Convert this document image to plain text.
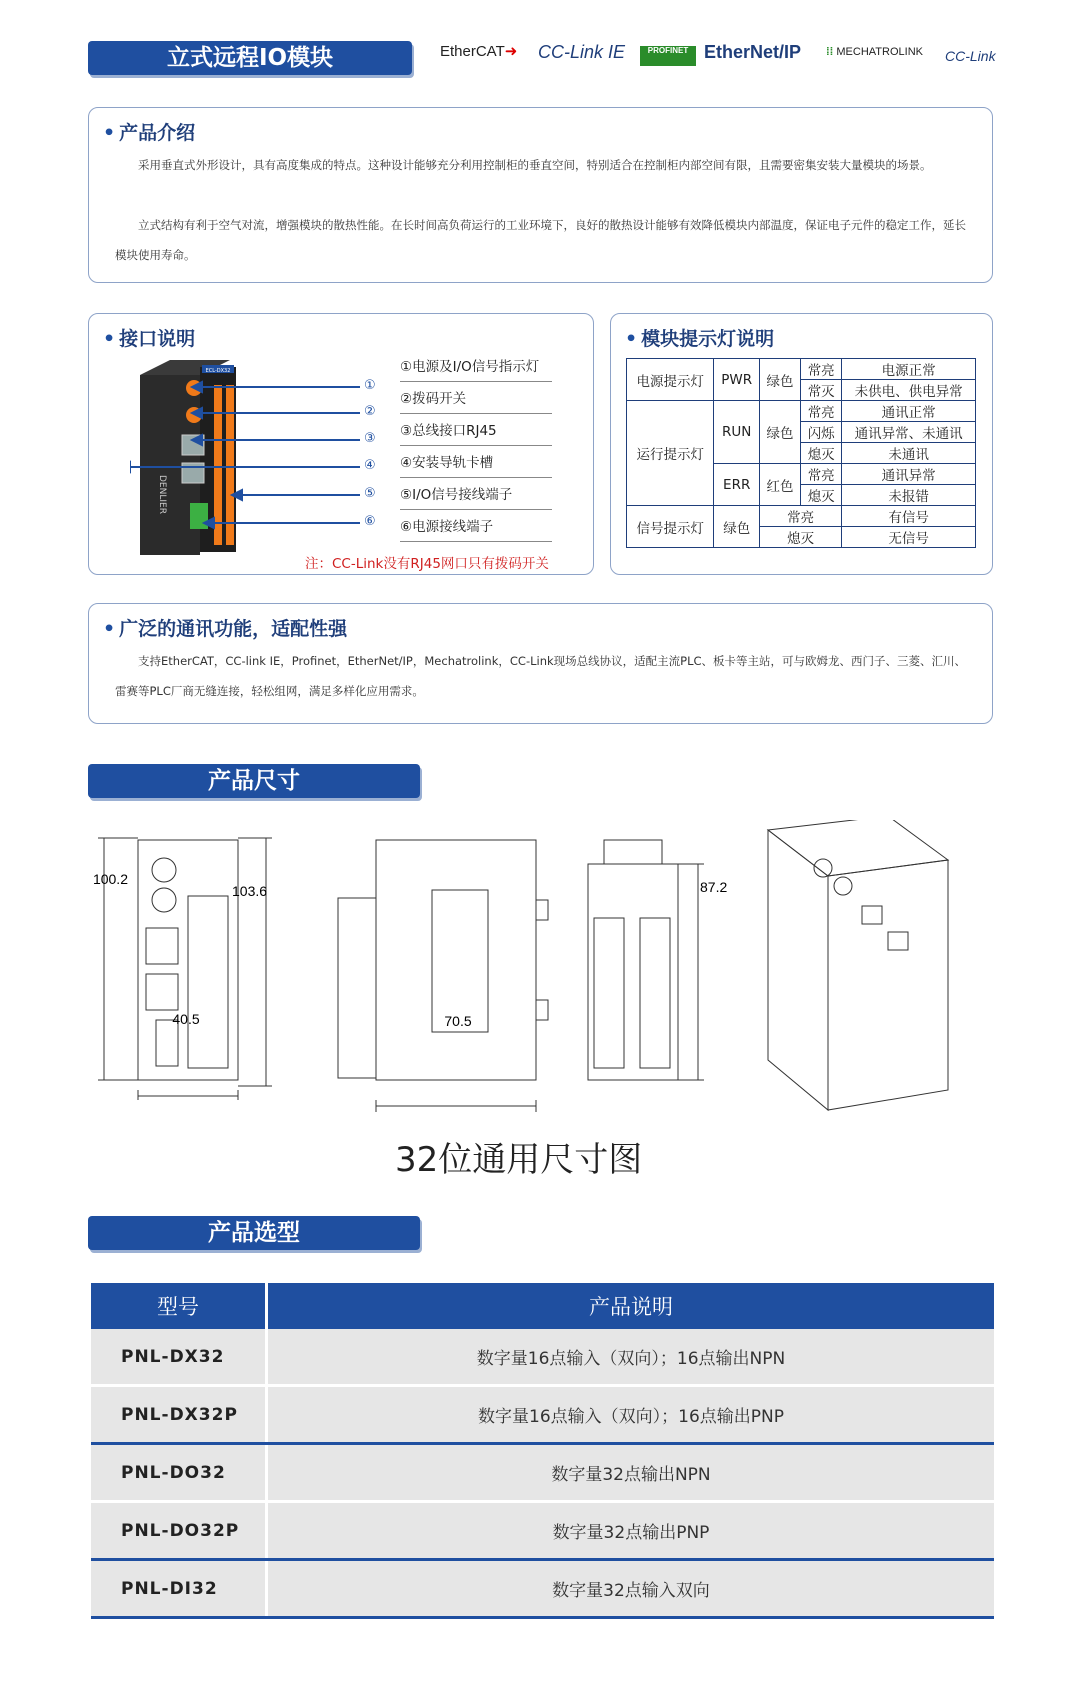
立式远程IO模块	EtherCAT➜ CC-Link IE	PROFINET EtherNet/IP ⁞⁞ MECHATROLINK CC-Link
• 产品介绍
采用垂直式外形设计，具有高度集成的特点。这种设计能够充分利用控制柜的垂直空间，特别适合在控制柜内部空间有限，且需要密集安装大量模块的场景。
立式结构有利于空气对流，增强模块的散热性能。在长时间高负荷运行的工业环境下，良好的散热设计能够有效降低模块内部温度，保证电子元件的稳定工作，延长模块使用寿命。
• 接口说明
ECL-DX32
DENLIER
①
②
③
④
⑤
⑥
①电源及I/O信号指示灯
②拨码开关
③总线接口RJ45
④安装导轨卡槽
⑤I/O信号接线端子
⑥电源接线端子
注：CC-Link没有RJ45网口只有拨码开关
• 模块提示灯说明
电源提示灯	PWR	绿色	常亮	电源正常
			常灭	未供电、供电异常
运行提示灯	RUN	绿色	常亮	通讯正常
			闪烁	通讯异常、未通讯
			熄灭	未通讯
	ERR	红色	常亮	通讯异常
			熄灭	未报错
信号提示灯	绿色	常亮		有信号
		熄灭		无信号
• 广泛的通讯功能，适配性强
支持EtherCAT，CC-link IE，Profinet，EtherNet/IP，Mechatrolink，CC-Link现场总线协议，适配主流PLC、板卡等主站，可与欧姆龙、西门子、三菱、汇川、雷赛等PLC厂商无缝连接，轻松组网，满足多样化应用需求。
产品尺寸
100.2
103.6
40.5	70.5
87.2
32位通用尺寸图
产品选型
型号	产品说明
PNL-DX32	数字量16点输入（双向）；16点输出NPN
PNL-DX32P	数字量16点输入（双向）；16点输出PNP
PNL-DO32	数字量32点输出NPN
PNL-DO32P	数字量32点输出PNP
PNL-DI32	数字量32点输入双向
